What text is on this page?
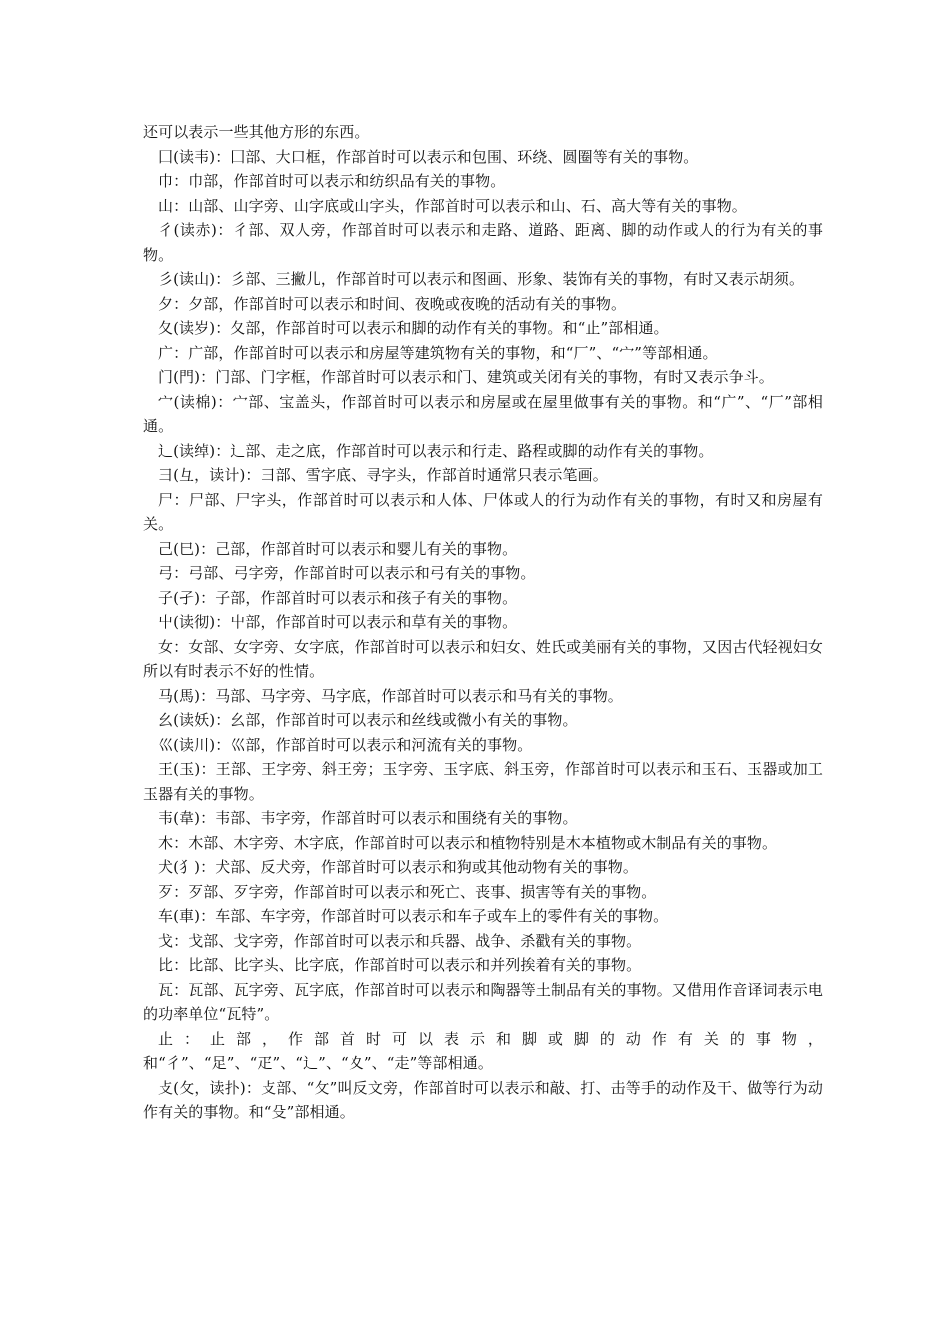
还可以表示一些其他方形的东西。

囗(读韦)：囗部、大口框，作部首时可以表示和包围、环绕、圆圈等有关的事物。

巾：巾部，作部首时可以表示和纺织品有关的事物。

山：山部、山字旁、山字底或山字头，作部首时可以表示和山、石、高大等有关的事物。

彳(读赤)：彳部、双人旁，作部首时可以表示和走路、道路、距离、脚的动作或人的行为有关的事物。

彡(读山)：彡部、三撇儿，作部首时可以表示和图画、形象、装饰有关的事物，有时又表示胡须。

夕：夕部，作部首时可以表示和时间、夜晚或夜晚的活动有关的事物。

夂(读岁)：夂部，作部首时可以表示和脚的动作有关的事物。和“止”部相通。

广：广部，作部首时可以表示和房屋等建筑物有关的事物，和“厂”、“宀”等部相通。

门(門)：门部、门字框，作部首时可以表示和门、建筑或关闭有关的事物，有时又表示争斗。

宀(读棉)：宀部、宝盖头，作部首时可以表示和房屋或在屋里做事有关的事物。和“广”、“厂”部相通。

辶(读绰)：辶部、走之底，作部首时可以表示和行走、路程或脚的动作有关的事物。

彐(彑，读计)：彐部、雪字底、寻字头，作部首时通常只表示笔画。

尸：尸部、尸字头，作部首时可以表示和人体、尸体或人的行为动作有关的事物，有时又和房屋有关。

己(巳)：己部，作部首时可以表示和婴儿有关的事物。

弓：弓部、弓字旁，作部首时可以表示和弓有关的事物。

子(孑)：子部，作部首时可以表示和孩子有关的事物。

屮(读彻)：屮部，作部首时可以表示和草有关的事物。

女：女部、女字旁、女字底，作部首时可以表示和妇女、姓氏或美丽有关的事物，又因古代轻视妇女所以有时表示不好的性情。

马(馬)：马部、马字旁、马字底，作部首时可以表示和马有关的事物。

幺(读妖)：幺部，作部首时可以表示和丝线或微小有关的事物。

巛(读川)：巛部，作部首时可以表示和河流有关的事物。

王(玉)：王部、王字旁、斜王旁；玉字旁、玉字底、斜玉旁，作部首时可以表示和玉石、玉器或加工玉器有关的事物。

韦(韋)：韦部、韦字旁，作部首时可以表示和围绕有关的事物。

木：木部、木字旁、木字底，作部首时可以表示和植物特别是木本植物或木制品有关的事物。

犬(犭)：犬部、反犬旁，作部首时可以表示和狗或其他动物有关的事物。

歹：歹部、歹字旁，作部首时可以表示和死亡、丧事、损害等有关的事物。

车(車)：车部、车字旁，作部首时可以表示和车子或车上的零件有关的事物。

戈：戈部、戈字旁，作部首时可以表示和兵器、战争、杀戳有关的事物。

比：比部、比字头、比字底，作部首时可以表示和并列挨着有关的事物。

瓦：瓦部、瓦字旁、瓦字底，作部首时可以表示和陶器等土制品有关的事物。又借用作音译词表示电的功率单位“瓦特”。

止：止部，作部首时可以表示和脚或脚的动作有关的事物，和“彳”、“足”、“疋”、“辶”、“夊”、“走”等部相通。

攴(攵，读扑)：攴部、“攵”叫反文旁，作部首时可以表示和敲、打、击等手的动作及干、做等行为动作有关的事物。和“殳”部相通。
